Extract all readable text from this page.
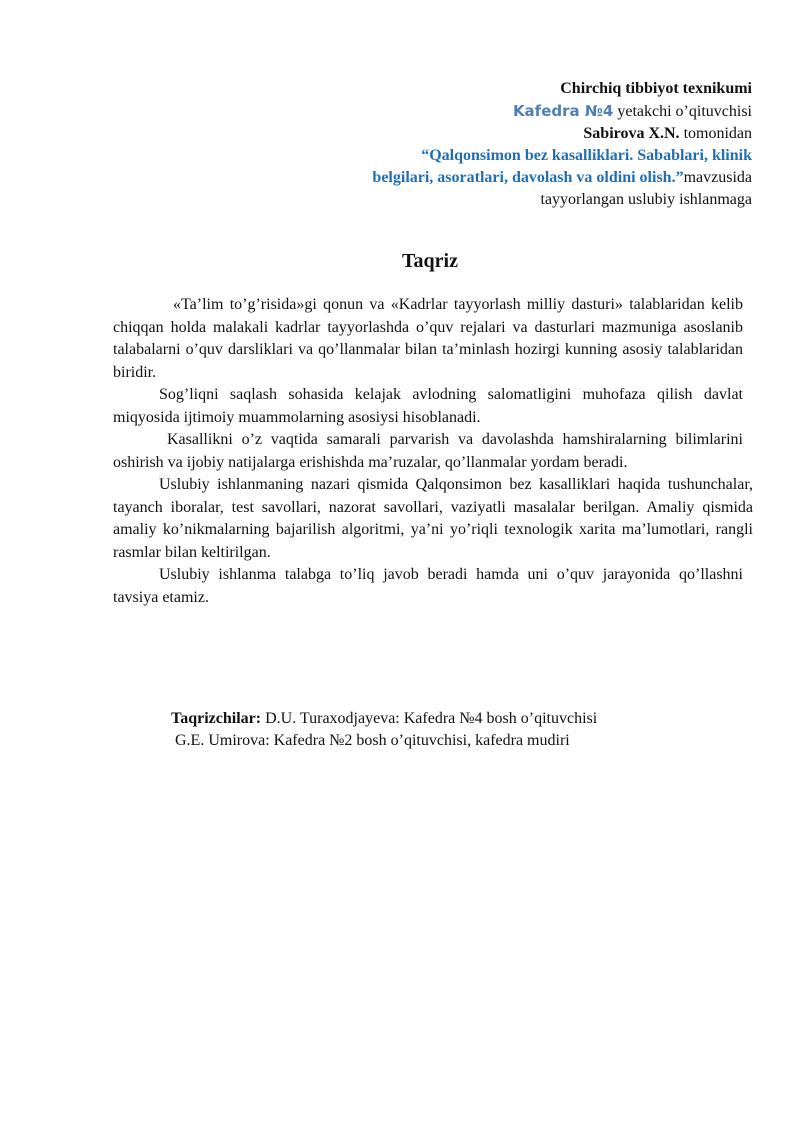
Chirchiq tibbiyot texnikumi
Kafedra №4 yetakchi o’qituvchisi
Sabirova X.N. tomonidan
“Qalqonsimon bez kasalliklari. Sabablari, klinik
belgilari, asoratlari, davolash va oldini olish.”mavzusida
tayyorlangan uslubiy ishlanmaga
Taqriz

«Ta’lim to’g’risida»gi qonun va «Kadrlar tayyorlash milliy dasturi» talablaridan kelib chiqqan holda malakali kadrlar tayyorlashda o’quv rejalari va dasturlari mazmuniga asoslanib talabalarni o’quv darsliklari va qo’llanmalar bilan ta’minlash hozirgi kunning asosiy talablaridan biridir.

Sog’liqni saqlash sohasida kelajak avlodning salomatligini muhofaza qilish davlat miqyosida ijtimoiy muammolarning asosiysi hisoblanadi.

Kasallikni o’z vaqtida samarali parvarish va davolashda hamshiralarning bilimlarini oshirish va ijobiy natijalarga erishishda ma’ruzalar, qo’llanmalar yordam beradi.

Uslubiy ishlanmaning nazari qismida Qalqonsimon bez kasalliklari haqida tushunchalar, tayanch iboralar, test savollari, nazorat savollari, vaziyatli masalalar berilgan. Amaliy qismida amaliy ko’nikmalarning bajarilish algoritmi, ya’ni yo’riqli texnologik xarita ma’lumotlari, rangli rasmlar bilan keltirilgan.

Uslubiy ishlanma talabga to’liq javob beradi hamda uni o’quv jarayonida qo’llashni tavsiya etamiz.

Taqrizchilar: D.U. Turaxodjayeva: Kafedra №4 bosh o’qituvchisi
G.E. Umirova: Kafedra №2 bosh o’qituvchisi, kafedra mudiri
